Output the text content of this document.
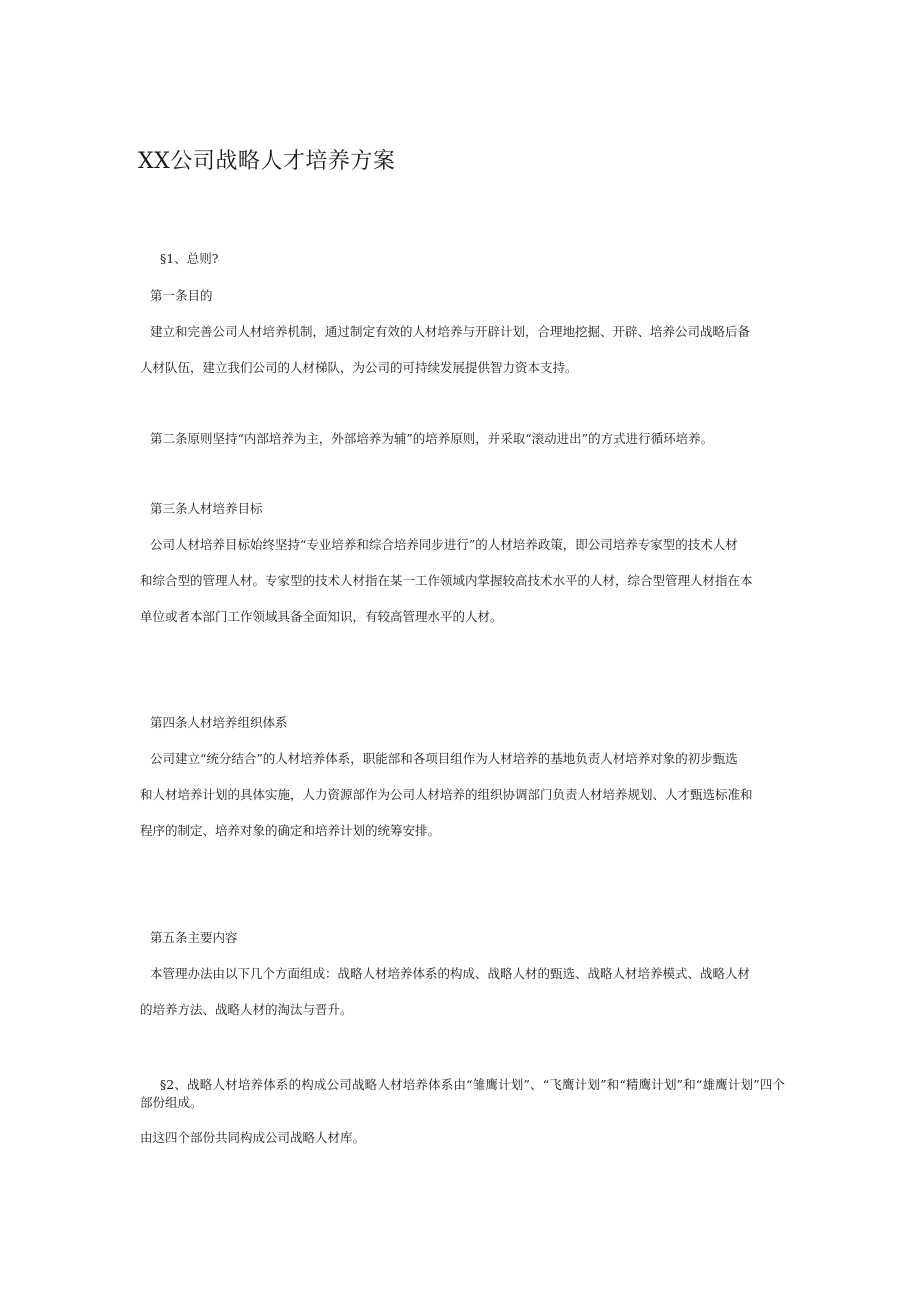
XX公司战略人才培养方案
§1、总则?
第一条目的
建立和完善公司人材培养机制，通过制定有效的人材培养与开辟计划，合理地挖掘、开辟、培养公司战略后备
人材队伍，建立我们公司的人材梯队，为公司的可持续发展提供智力资本支持。
第二条原则坚持“内部培养为主，外部培养为辅”的培养原则，并采取“滚动进出”的方式进行循环培养。
第三条人材培养目标
公司人材培养目标始终坚持“专业培养和综合培养同步进行”的人材培养政策，即公司培养专家型的技术人材
和综合型的管理人材。专家型的技术人材指在某一工作领域内掌握较高技术水平的人材，综合型管理人材指在本
单位或者本部门工作领域具备全面知识，有较高管理水平的人材。
第四条人材培养组织体系
公司建立“统分结合”的人材培养体系，职能部和各项目组作为人材培养的基地负责人材培养对象的初步甄选
和人材培养计划的具体实施，人力资源部作为公司人材培养的组织协调部门负责人材培养规划、人才甄选标准和
程序的制定、培养对象的确定和培养计划的统筹安排。
第五条主要内容
本管理办法由以下几个方面组成：战略人材培养体系的构成、战略人材的甄选、战略人材培养模式、战略人材
的培养方法、战略人材的淘汰与晋升。
§2、战略人材培养体系的构成公司战略人材培养体系由“雏鹰计划”、“飞鹰计划”和“精鹰计划”和“雄鹰计划”四个部份组成。
由这四个部份共同构成公司战略人材库。
